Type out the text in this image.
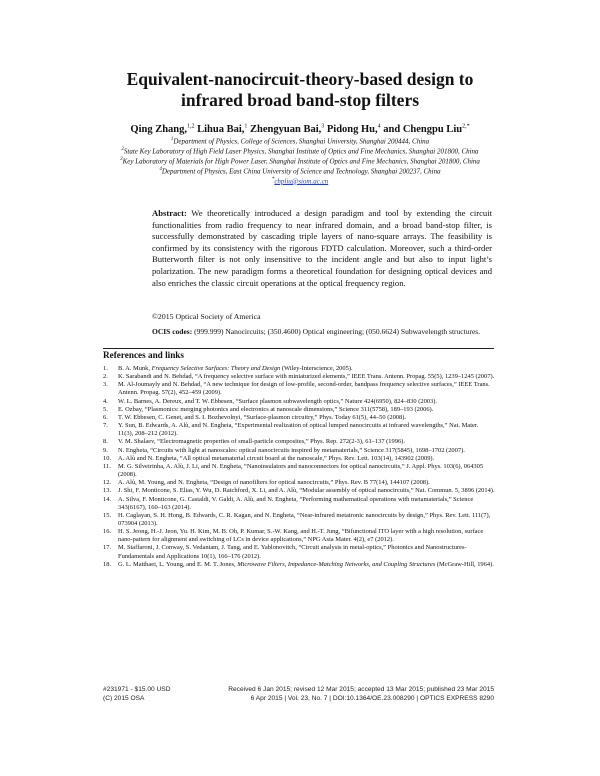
Equivalent-nanocircuit-theory-based design to
infrared broad band-stop filters
Qing Zhang,$^{1,2}$ Lihua Bai,$^1$ Zhengyuan Bai,$^3$ Pidong Hu,$^4$ and Chengpu Liu$^{2,*}$

$^1$Department of Physics, College of Sciences, Shanghai University, Shanghai 200444, China

$^2$State Key Laboratory of High Field Laser Physics, Shanghai Institute of Optics and Fine Mechanics, Shanghai 201800, China

$^3$Key Laboratory of Materials for High Power Laser, Shanghai Institute of Optics and Fine Mechanics, Shanghai 201800, China

$^4$Department of Physics, East China University of Science and Technology, Shanghai 200237, China

*chpliu@siom.ac.cn

Abstract: We theoretically introduced a design paradigm and tool by extending the circuit functionalities from radio frequency to near infrared domain, and a broad band-stop filter, is successfully demonstrated by cascading triple layers of nano-square arrays. The feasibility is confirmed by its consistency with the rigorous FDTD calculation. Moreover, such a third-order Butterworth filter is not only insensitive to the incident angle and but also to input light’s polarization. The new paradigm forms a theoretical foundation for designing optical devices and also enriches the classic circuit operations at the optical frequency region.
©2015 Optical Society of America
OCIS codes: (999.999) Nanocircuits; (350.4600) Optical engineering; (050.6624) Subwavelength structures.
References and links

1.	B. A. Munk, Frequency Selective Surfaces: Theory and Design (Wiley-Interscience, 2005).

2.	K. Sarabandi and N. Behdad, “A frequency selective surface with miniaturized elements,” IEEE Trans. Antenn. Propag. 55(5), 1239–1245 (2007).

3.	M. Al-Joumayly and N. Behdad, “A new technique for design of low-profile, second-order, bandpass frequency selective surfaces,” IEEE Trans. Antenn. Propag. 57(2), 452–459 (2009).

4.	W. L. Barnes, A. Dereux, and T. W. Ebbesen, “Surface plasmon subwavelength optics,” Nature 424(6950), 824–830 (2003).

5.	E. Ozbay, “Plasmonics: merging photonics and electronics at nanoscale dimensions,” Science 311(5758), 189–193 (2006).

6.	T. W. Ebbesen, C. Genet, and S. I. Bozhevolnyi, “Surface-plasmon circuitry,” Phys. Today 61(5), 44–50 (2008).

7.	Y. Sun, B. Edwards, A. Alù, and N. Engheta, “Experimental realization of optical lumped nanocircuits at infrared wavelengths,” Nat. Mater. 11(3), 208–212 (2012).

8.	V. M. Shalaev, “Electromagnetic properties of small-particle composites,” Phys. Rep. 272(2-3), 61–137 (1996).

9.	N. Engheta, “Circuits with light at nanoscales: optical nanocircuits inspired by metamaterials,” Science 317(5845), 1698–1702 (2007).

10.	A. Alù and N. Engheta, “All optical metamaterial circuit board at the nanoscale,” Phys. Rev. Lett. 103(14), 143902 (2009).

11.	M. G. Silveirinha, A. Alù, J. Li, and N. Engheta, “Nanoinsulators and nanoconnectors for optical nanocircuits,” J. Appl. Phys. 103(6), 064305 (2008).

12.	A. Alù, M. Young, and N. Engheta, “Design of nanofilters for optical nanocircuits,” Phys. Rev. B 77(14), 144107 (2008).

13.	J. Shi, F. Monticone, S. Elias, Y. Wu, D. Ratchford, X. Li, and A. Alù, “Modular assembly of optical nanocircuits,” Nat. Commun. 5, 3896 (2014).

14.	A. Silva, F. Monticone, G. Castaldi, V. Galdi, A. Alù, and N. Engheta, “Performing mathematical operations with metamaterials,” Science 343(6167), 160–163 (2014).

15.	H. Caglayan, S. H. Hong, B. Edwards, C. R. Kagan, and N. Engheta, “Near-infrared metatronic nanocircuits by design,” Phys. Rev. Lett. 111(7), 073904 (2013).

16.	H. S. Jeong, H.-J. Jeon, Yu. H. Kim, M. B. Oh, P. Kumar, S.-W. Kang, and H.-T. Jung, “Bifunctional ITO layer with a high resolution, surface nano-pattern for alignment and switching of LCs in device applications,” NPG Asia Mater. 4(2), e7 (2012).

17.	M. Staffaroni, J. Conway, S. Vedantam, J. Tang, and E. Yablonovitch, “Circuit analysis in metal-optics,” Photonics and Nanostructures-Fundamentals and Applications 10(1), 166–176 (2012).

18.	G. L. Matthaei, L. Young, and E. M. T. Jones, Microwave Filters, Impedance-Matching Networks, and Coupling Structures (McGraw-Hill, 1964).

#231971 - $15.00 USD
(C) 2015 OSA
Received 6 Jan 2015; revised 12 Mar 2015; accepted 13 Mar 2015; published 23 Mar 2015
6 Apr 2015 | Vol. 23, No. 7 | DOI:10.1364/OE.23.008290 | OPTICS EXPRESS 8290
